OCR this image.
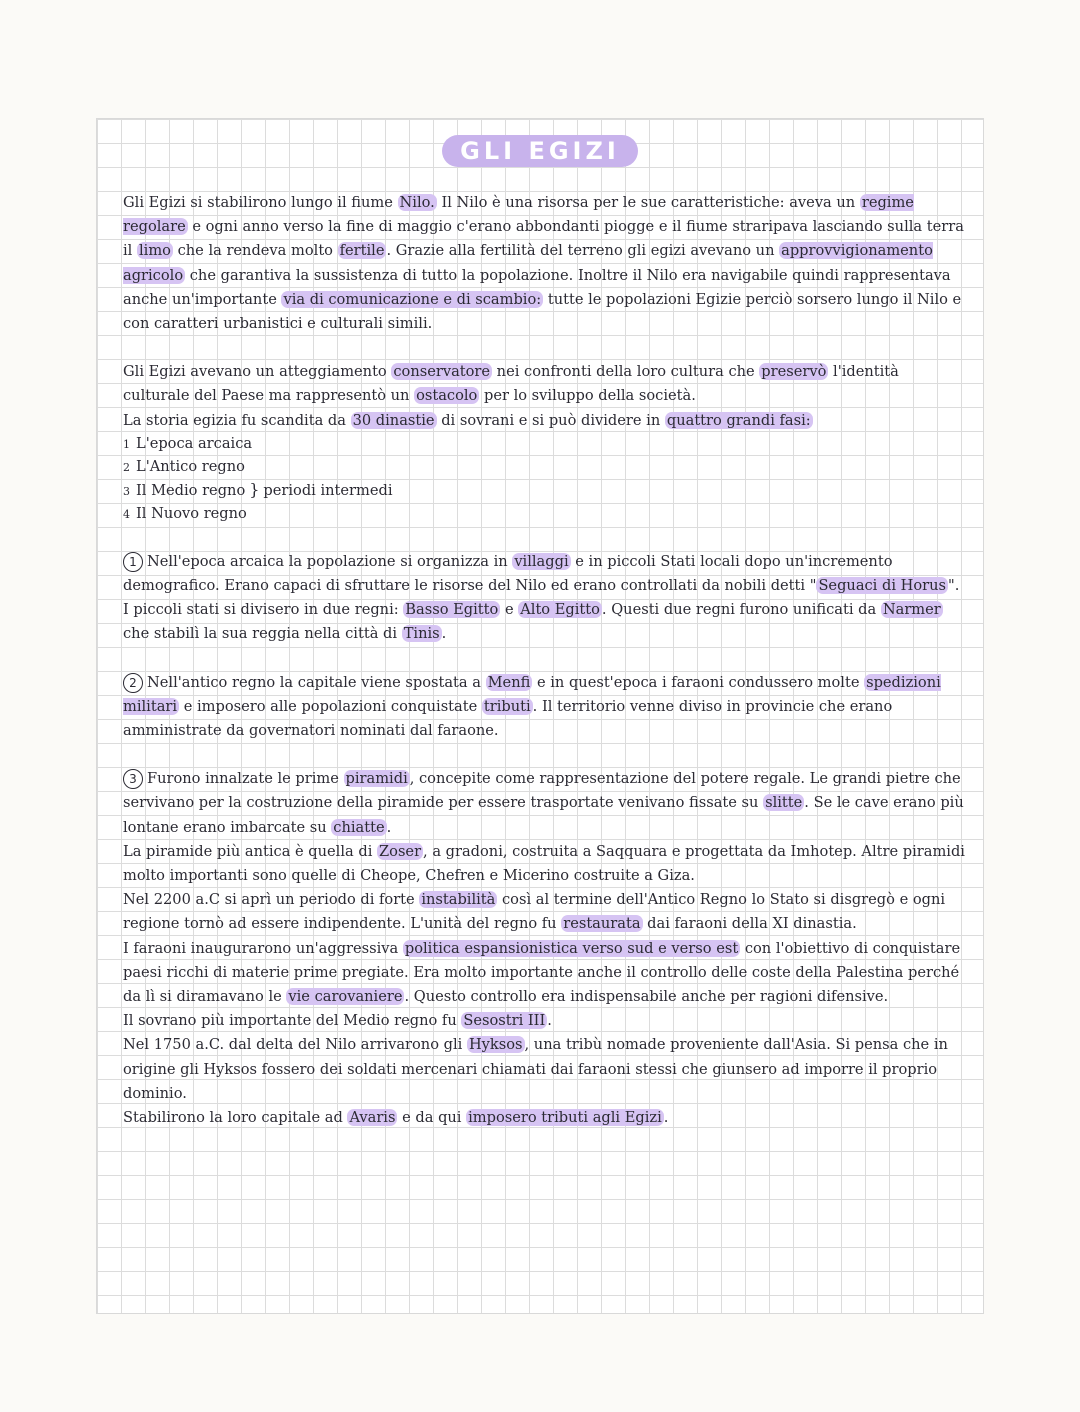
GLI EGIZI

Gli Egizi si stabilirono lungo il fiume Nilo. Il Nilo è una risorsa per le sue caratteristiche: aveva un regime regolare e ogni anno verso la fine di maggio c'erano abbondanti piogge e il fiume straripava lasciando sulla terra il limo che la rendeva molto fertile . Grazie alla fertilità del terreno gli egizi avevano un approvvigionamento agricolo che garantiva la sussistenza di tutto la popolazione. Inoltre il Nilo era navigabile quindi rappresentava anche un'importante via di comunicazione e di scambio: tutte le popolazioni Egizie perciò sorsero lungo il Nilo e con caratteri urbanistici e culturali simili.

Gli Egizi avevano un atteggiamento conservatore nei confronti della loro cultura che preservò l'identità culturale del Paese ma rappresentò un ostacolo per lo sviluppo della società.
La storia egizia fu scandita da 30 dinastie di sovrani e si può dividere in quattro grandi fasi:

1 L'epoca arcaica
2 L'Antico regno
3 Il Medio regno } periodi intermedi
4 Il Nuovo regno

1 Nell'epoca arcaica la popolazione si organizza in villaggi e in piccoli Stati locali dopo un'incremento demografico. Erano capaci di sfruttare le risorse del Nilo ed erano controllati da nobili detti " Seguaci di Horus ".
I piccoli stati si divisero in due regni: Basso Egitto e Alto Egitto . Questi due regni furono unificati da Narmer che stabilì la sua reggia nella città di Tinis .

2 Nell'antico regno la capitale viene spostata a Menfi e in quest'epoca i faraoni condussero molte spedizioni militari e imposero alle popolazioni conquistate tributi . Il territorio venne diviso in provincie che erano amministrate da governatori nominati dal faraone.

3 Furono innalzate le prime piramidi , concepite come rappresentazione del potere regale. Le grandi pietre che servivano per la costruzione della piramide per essere trasportate venivano fissate su slitte . Se le cave erano più lontane erano imbarcate su chiatte .
La piramide più antica è quella di Zoser , a gradoni, costruita a Saqquara e progettata da Imhotep. Altre piramidi molto importanti sono quelle di Cheope, Chefren e Micerino costruite a Giza.
Nel 2200 a.C si aprì un periodo di forte instabilità così al termine dell'Antico Regno lo Stato si disgregò e ogni regione tornò ad essere indipendente. L'unità del regno fu restaurata dai faraoni della XI dinastia.
I faraoni inaugurarono un'aggressiva politica espansionistica verso sud e verso est con l'obiettivo di conquistare paesi ricchi di materie prime pregiate. Era molto importante anche il controllo delle coste della Palestina perché da lì si diramavano le vie carovaniere . Questo controllo era indispensabile anche per ragioni difensive.
Il sovrano più importante del Medio regno fu Sesostri III .
Nel 1750 a.C. dal delta del Nilo arrivarono gli Hyksos , una tribù nomade proveniente dall'Asia. Si pensa che in origine gli Hyksos fossero dei soldati mercenari chiamati dai faraoni stessi che giunsero ad imporre il proprio dominio.
Stabilirono la loro capitale ad Avaris e da qui imposero tributi agli Egizi .
